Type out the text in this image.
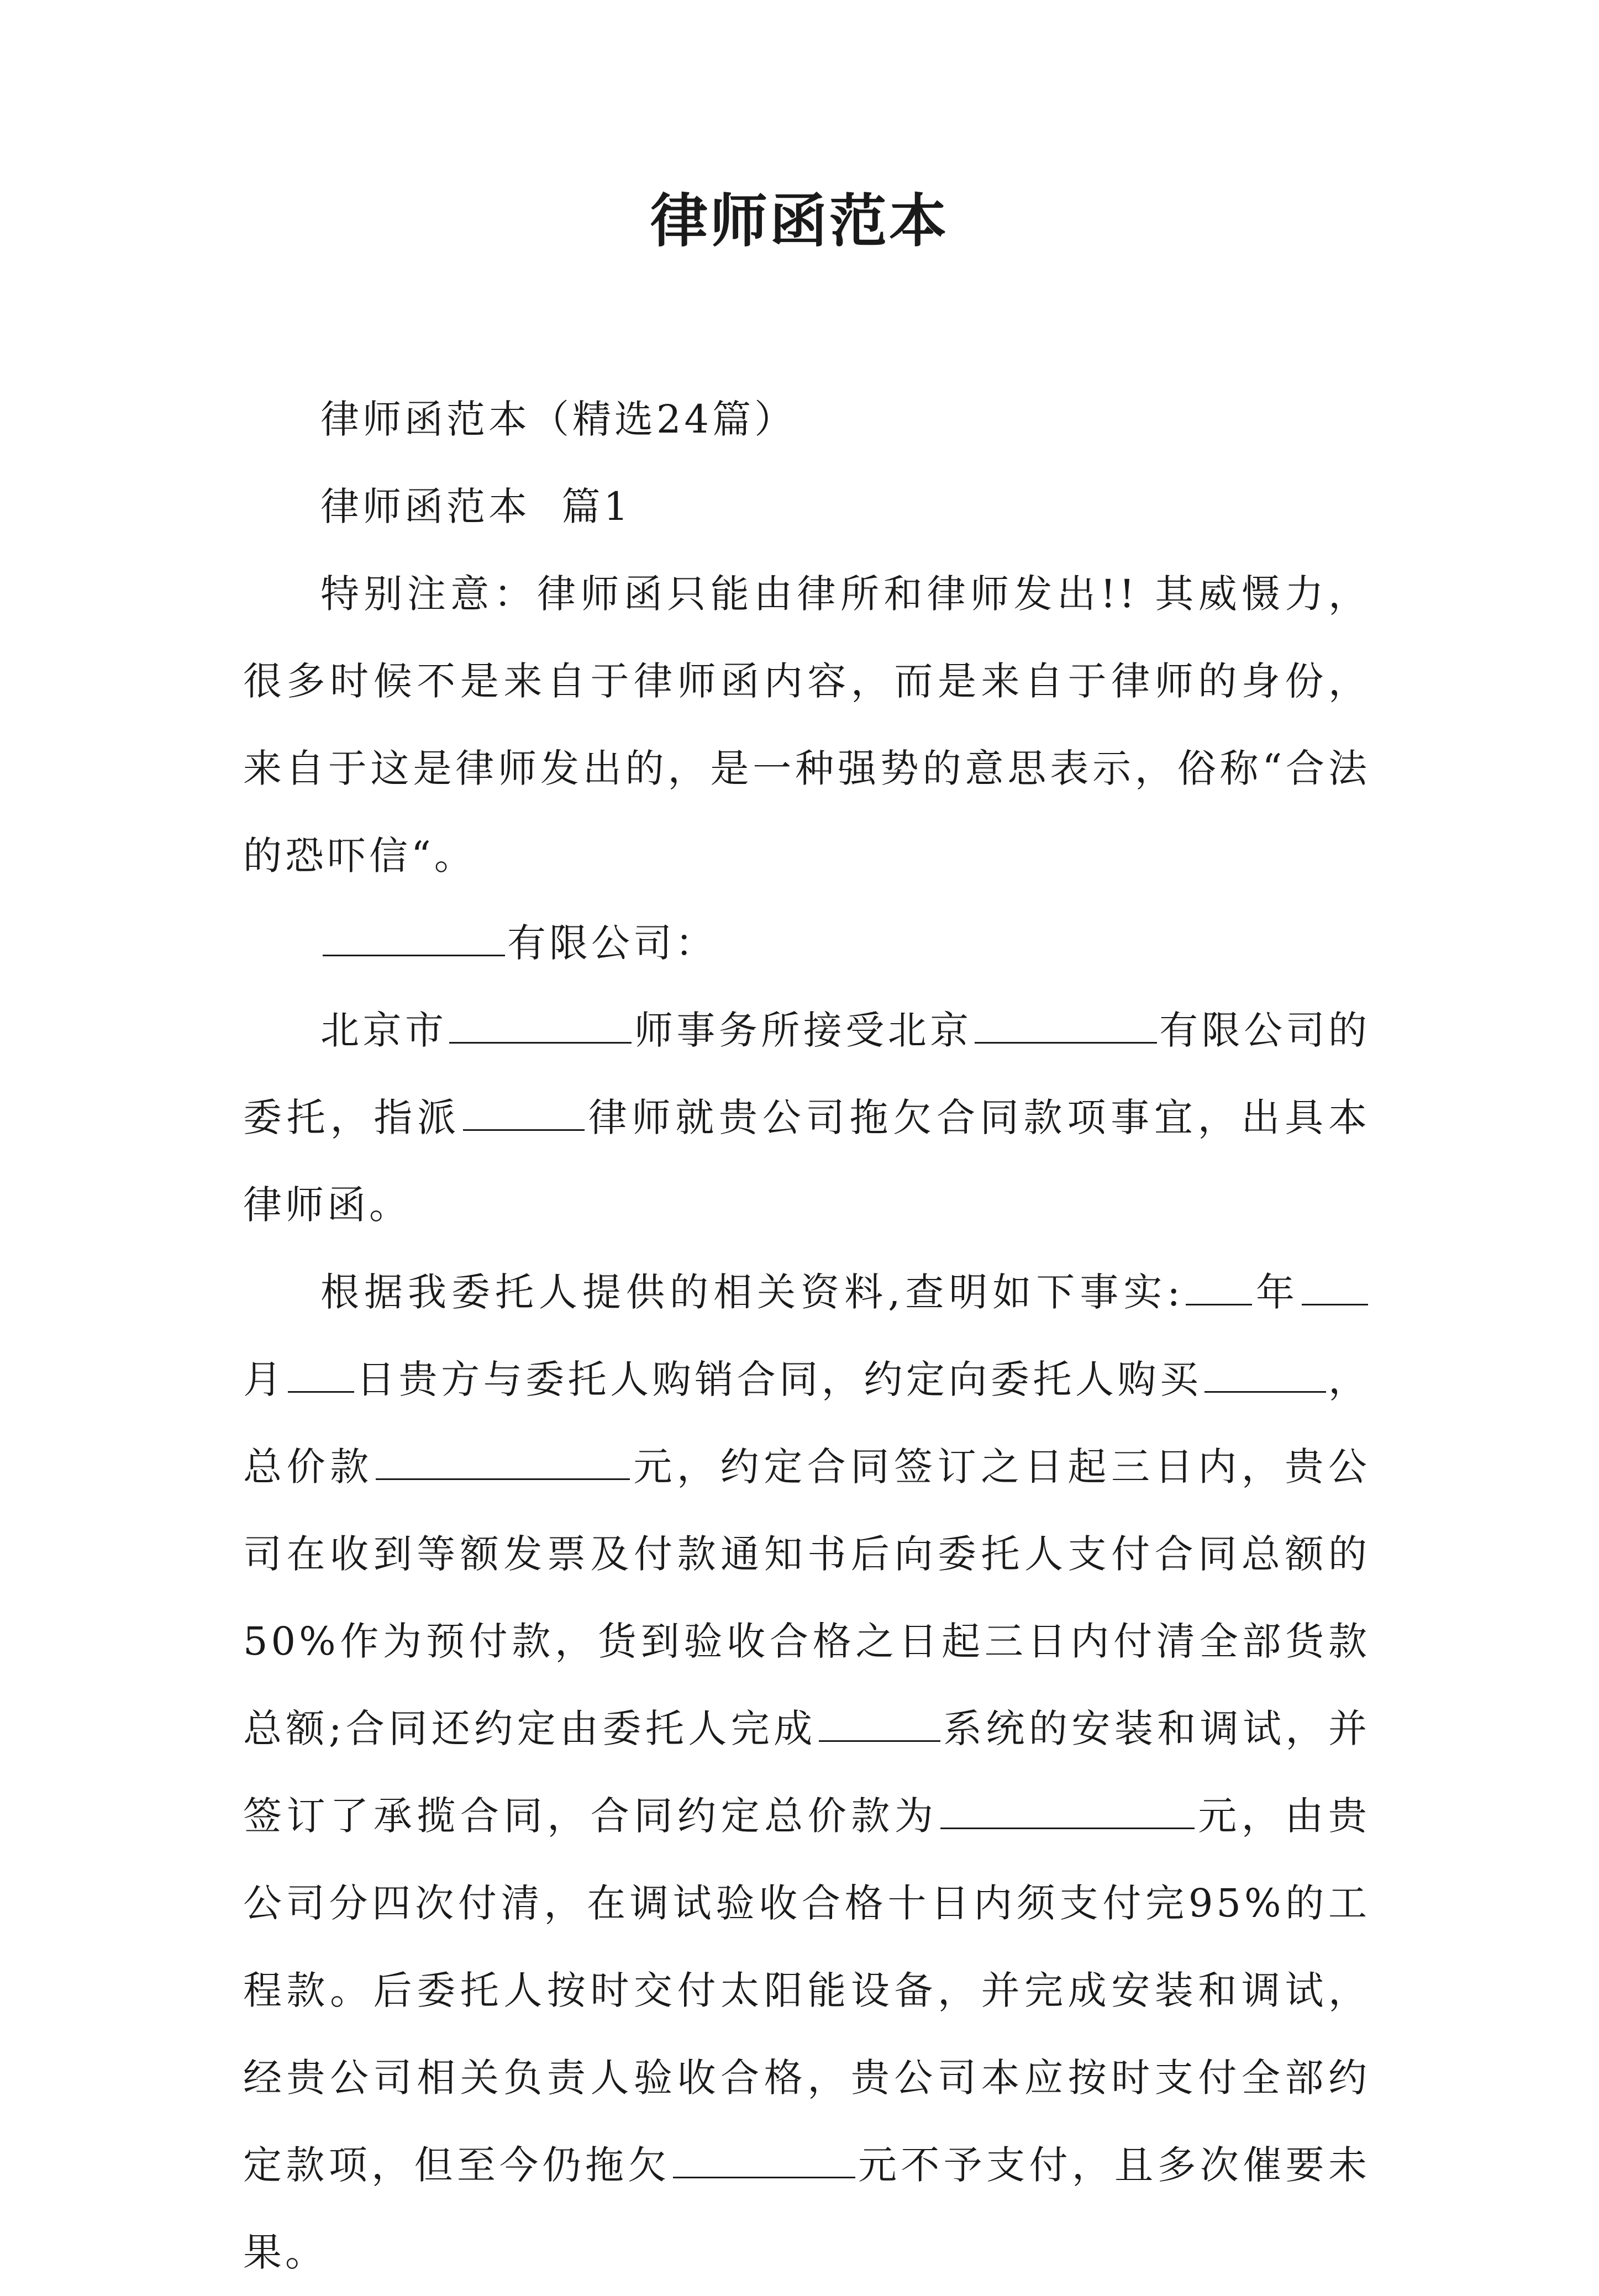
律师函范本

律师函范本（精选24篇）

律师函范本  篇1

特别注意：律师函只能由律所和律师发出!! 其威慑力，很多时候不是来自于律师函内容，而是来自于律师的身份，来自于这是律师发出的，是一种强势的意思表示，俗称“合法的恐吓信“。

有限公司：

北京市	师事务所接受北京	有限公司的委托，指派	律师就贵公司拖欠合同款项事宜，出具本律师函。

根据我委托人提供的相关资料,查明如下事实: 年月 日贵方与委托人购销合同，约定向委托人购买	，总价款	元，约定合同签订之日起三日内，贵公司在收到等额发票及付款通知书后向委托人支付合同总额的50%作为预付款，货到验收合格之日起三日内付清全部货款总额;合同还约定由委托人完成	系统的安装和调试，并签订了承揽合同，合同约定总价款为	元，由贵公司分四次付清，在调试验收合格十日内须支付完95%的工程款。后委托人按时交付太阳能设备，并完成安装和调试，经贵公司相关负责人验收合格，贵公司本应按时支付全部约定款项，但至今仍拖欠	元不予支付，且多次催要未果。
